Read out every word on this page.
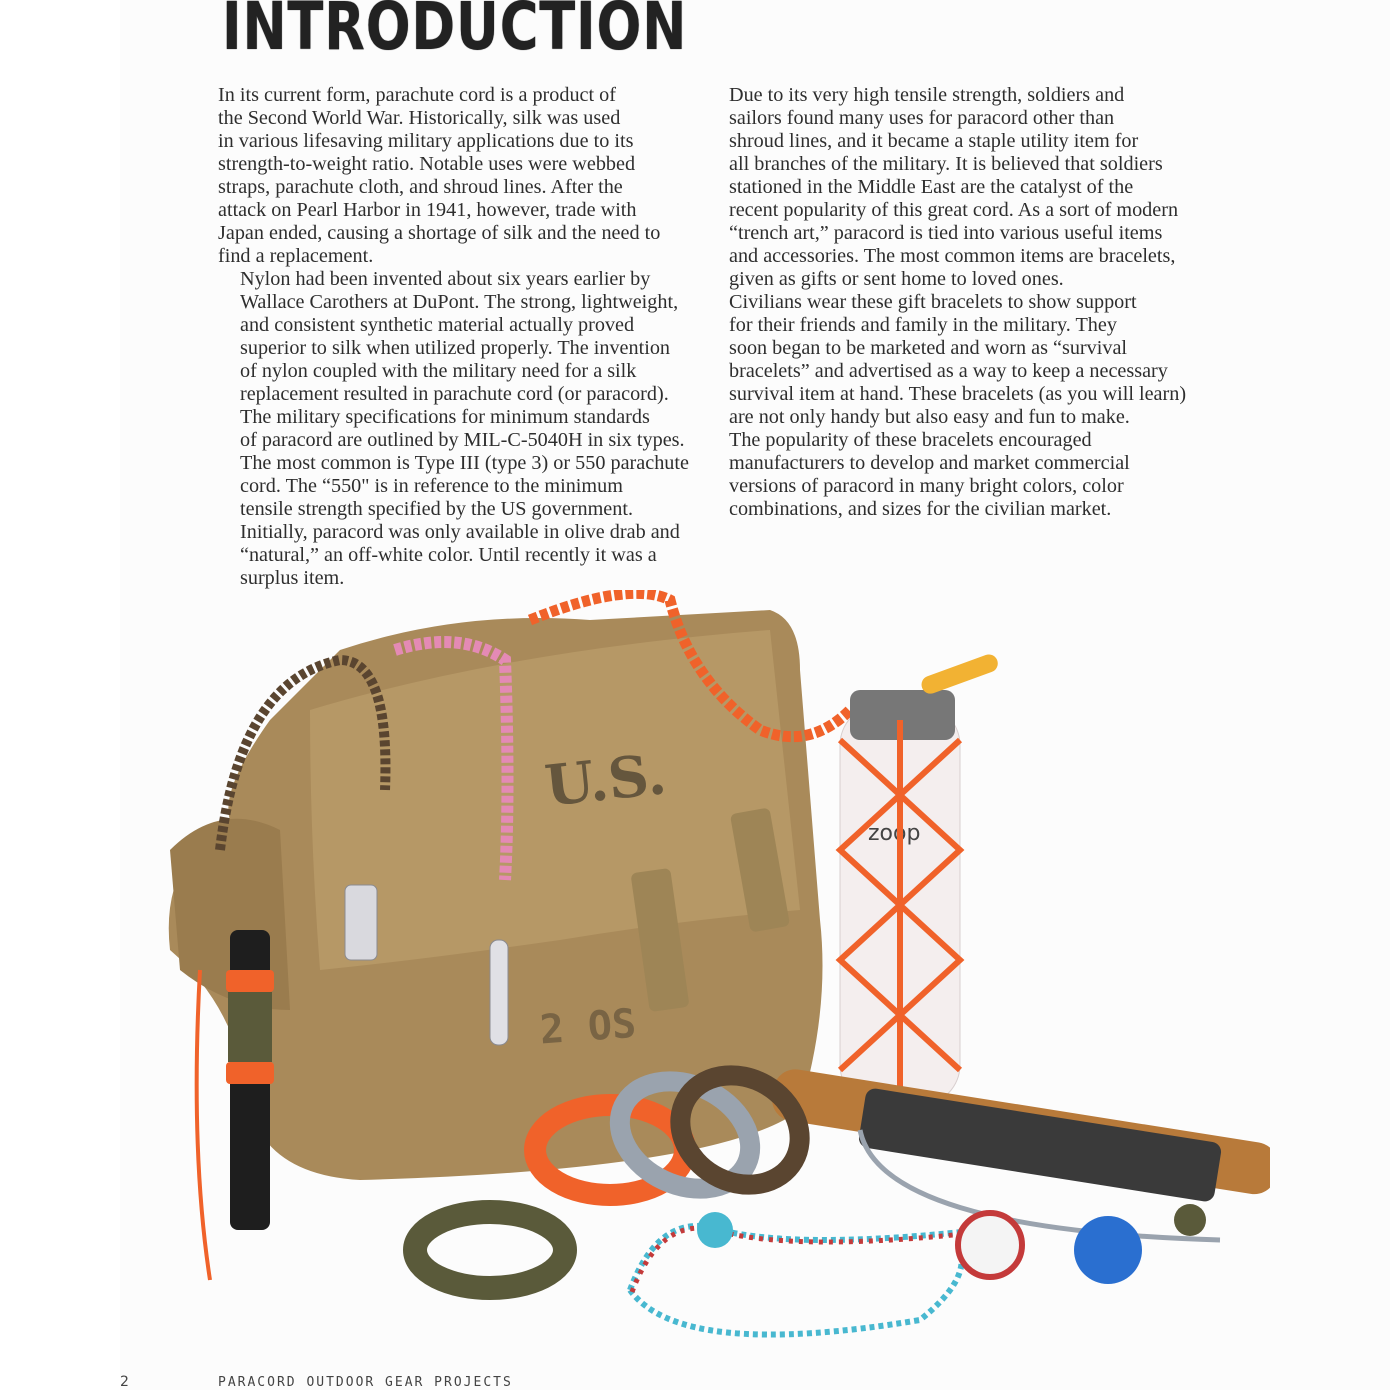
INTRODUCTION

In its current form, parachute cord is a product of
the Second World War. Historically, silk was used
in various lifesaving military applications due to its
strength-to-weight ratio. Notable uses were webbed
straps, parachute cloth, and shroud lines. After the
attack on Pearl Harbor in 1941, however, trade with
Japan ended, causing a shortage of silk and the need to
find a replacement.

Nylon had been invented about six years earlier by
Wallace Carothers at DuPont. The strong, lightweight,
and consistent synthetic material actually proved
superior to silk when utilized properly. The invention
of nylon coupled with the military need for a silk
replacement resulted in parachute cord (or paracord).

The military specifications for minimum standards
of paracord are outlined by MIL-C-5040H in six types.
The most common is Type III (type 3) or 550 parachute
cord. The “550" is in reference to the minimum
tensile strength specified by the US government.
Initially, paracord was only available in olive drab and
“natural,” an off-white color. Until recently it was a
surplus item.

Due to its very high tensile strength, soldiers and
sailors found many uses for paracord other than
shroud lines, and it became a staple utility item for
all branches of the military. It is believed that soldiers
stationed in the Middle East are the catalyst of the
recent popularity of this great cord. As a sort of modern
“trench art,” paracord is tied into various useful items
and accessories. The most common items are bracelets,
given as gifts or sent home to loved ones.

Civilians wear these gift bracelets to show support
for their friends and family in the military. They
soon began to be marketed and worn as “survival
bracelets” and advertised as a way to keep a necessary
survival item at hand. These bracelets (as you will learn)
are not only handy but also easy and fun to make.

The popularity of these bracelets encouraged
manufacturers to develop and market commercial
versions of paracord in many bright colors, color
combinations, and sizes for the civilian market.

U.S.
2 OS
zoop
2	PARACORD OUTDOOR GEAR PROJECTS
